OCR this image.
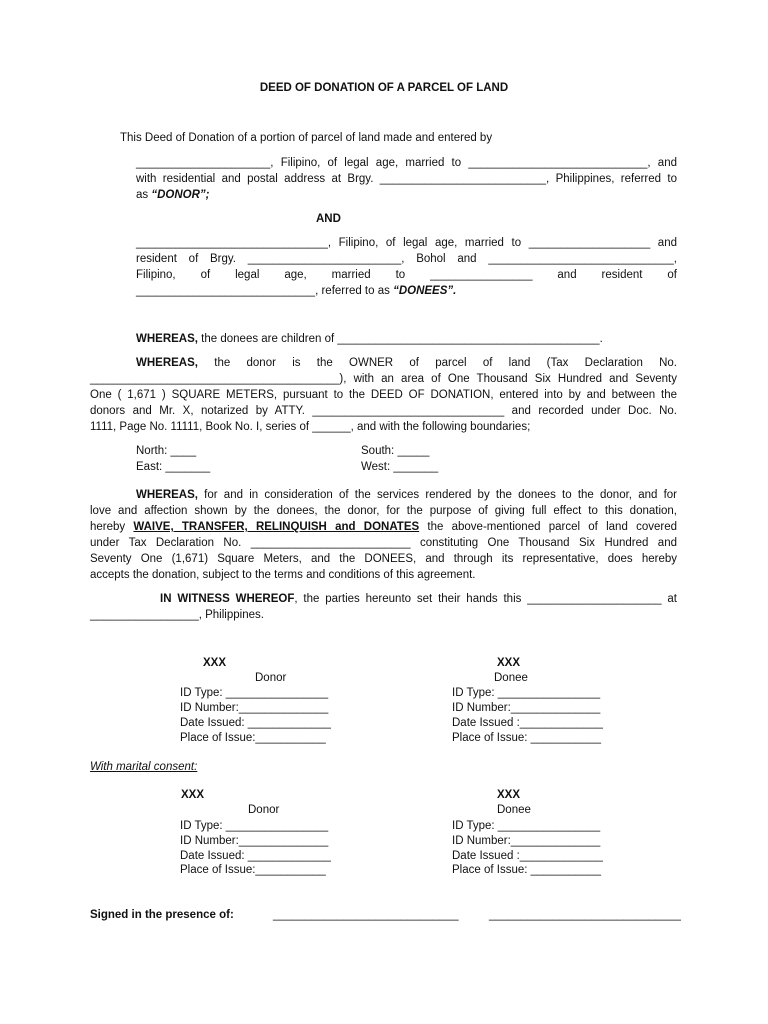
DEED OF DONATION OF A PARCEL OF LAND
This Deed of Donation of a portion of parcel of land made and entered by
_____________________, Filipino, of legal age, married to ____________________________, and
with residential and postal address at Brgy. __________________________, Philippines, referred to
as “DONOR”;
AND
______________________________, Filipino, of legal age, married to ___________________ and
resident of Brgy. ________________________, Bohol and _____________________________,
Filipino, of legal age, married to ________________ and resident of
____________________________, referred to as “DONEES”.
WHEREAS, the donees are children of _________________________________________.
WHEREAS, the donor is the OWNER of parcel of land (Tax Declaration No.
_______________________________________), with an area of One Thousand Six Hundred and Seventy
One ( 1,671 ) SQUARE METERS, pursuant to the DEED OF DONATION, entered into by and between the
donors and Mr. X, notarized by ATTY. ______________________________ and recorded under Doc. No.
1111, Page No. 11111, Book No. I, series of ______, and with the following boundaries;
North: ____	South: _____
East: _______	West: _______
WHEREAS, for and in consideration of the services rendered by the donees to the donor, and for
love and affection shown by the donees, the donor, for the purpose of giving full effect to this donation,
hereby WAIVE, TRANSFER, RELINQUISH and DONATES the above-mentioned parcel of land covered
under Tax Declaration No. _________________________ constituting One Thousand Six Hundred and
Seventy One (1,671) Square Meters, and the DONEES, and through its representative, does hereby
accepts the donation, subject to the terms and conditions of this agreement.
IN WITNESS WHEREOF, the parties hereunto set their hands this _____________________ at
_________________, Philippines.
XXX
Donor
ID Type: ________________
ID Number:______________
Date Issued: _____________
Place of Issue:___________
XXX
Donee
ID Type: ________________
ID Number:______________
Date Issued :_____________
Place of Issue: ___________
With marital consent:
XXX
Donor
ID Type: ________________
ID Number:______________
Date Issued: _____________
Place of Issue:___________
XXX
Donee
ID Type: ________________
ID Number:______________
Date Issued :_____________
Place of Issue: ___________
Signed in the presence of:	_____________________________	______________________________
